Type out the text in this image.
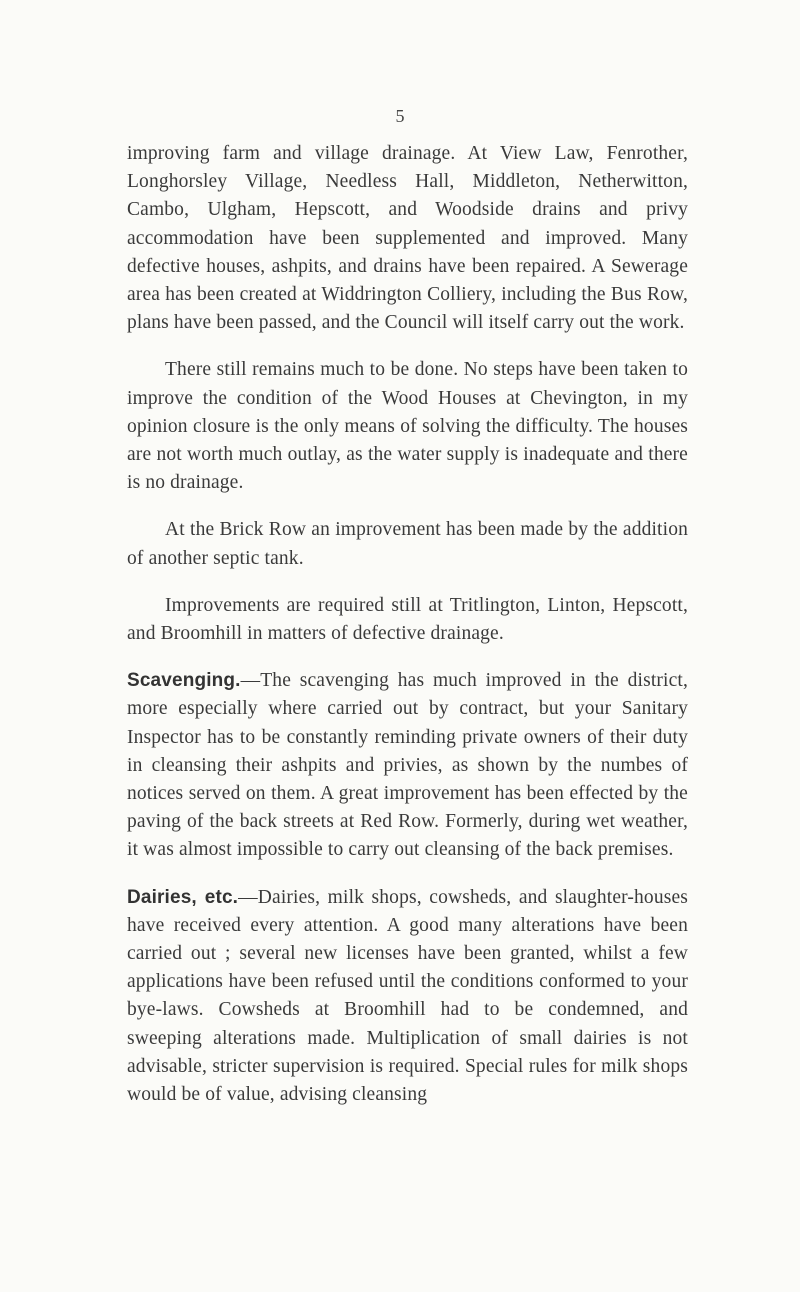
5

improving farm and village drainage. At View Law, Fenrother, Longhorsley Village, Needless Hall, Middleton, Netherwitton, Cambo, Ulgham, Hepscott, and Woodside drains and privy accommodation have been supplemented and improved. Many defective houses, ashpits, and drains have been repaired. A Sewerage area has been created at Widdrington Colliery, including the Bus Row, plans have been passed, and the Council will itself carry out the work.

There still remains much to be done. No steps have been taken to improve the condition of the Wood Houses at Chevington, in my opinion closure is the only means of solving the difficulty. The houses are not worth much outlay, as the water supply is inadequate and there is no drainage.

At the Brick Row an improvement has been made by the addition of another septic tank.

Improvements are required still at Tritlington, Linton, Hepscott, and Broomhill in matters of defective drainage.

Scavenging.—The scavenging has much improved in the district, more especially where carried out by contract, but your Sanitary Inspector has to be constantly reminding private owners of their duty in cleansing their ashpits and privies, as shown by the numbes of notices served on them. A great improvement has been effected by the paving of the back streets at Red Row. Formerly, during wet weather, it was almost impossible to carry out cleansing of the back premises.

Dairies, etc.—Dairies, milk shops, cowsheds, and slaughter-houses have received every attention. A good many alterations have been carried out ; several new licenses have been granted, whilst a few applications have been refused until the conditions conformed to your bye-laws. Cowsheds at Broomhill had to be condemned, and sweeping alterations made. Multiplication of small dairies is not advisable, stricter supervision is required. Special rules for milk shops would be of value, advising cleansing
